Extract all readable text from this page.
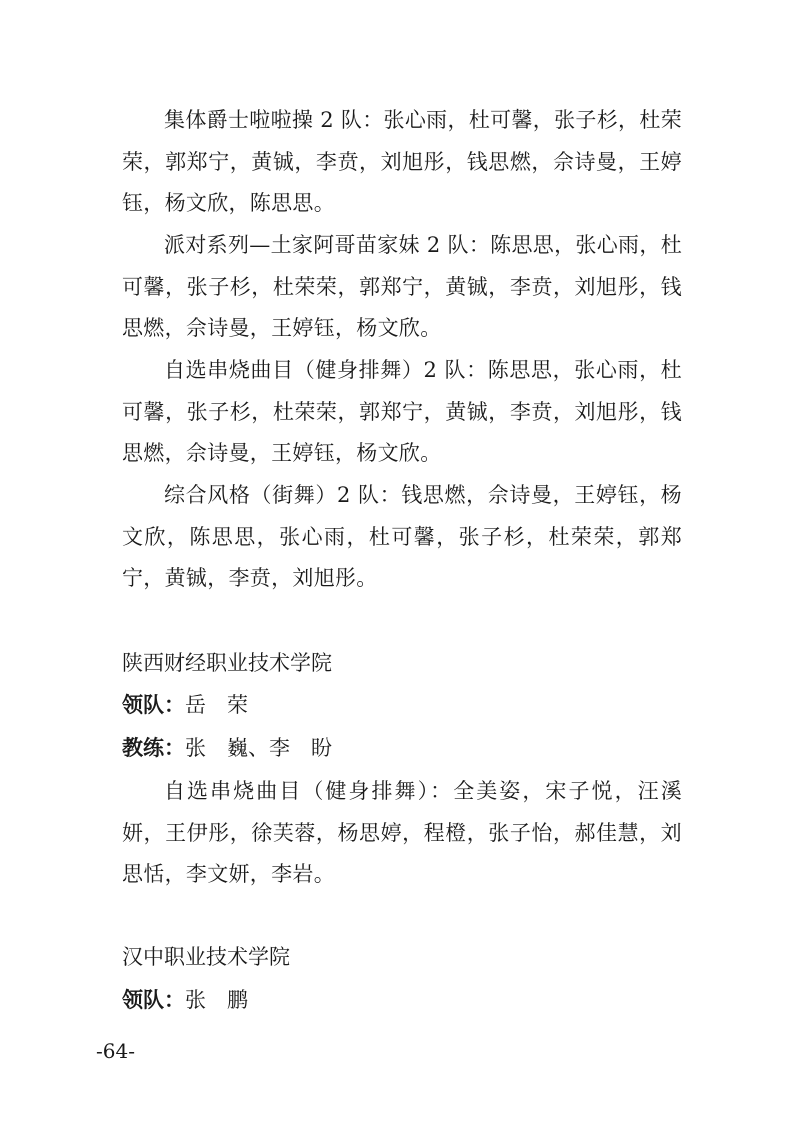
集体爵士啦啦操 2 队：张心雨，杜可馨，张子杉，杜荣荣，郭郑宁，黄铖，李贲，刘旭彤，钱思燃，佘诗曼，王婷钰，杨文欣，陈思思。

派对系列—土家阿哥苗家妹 2 队：陈思思，张心雨，杜可馨，张子杉，杜荣荣，郭郑宁，黄铖，李贲，刘旭彤，钱思燃，佘诗曼，王婷钰，杨文欣。

自选串烧曲目（健身排舞）2 队：陈思思，张心雨，杜可馨，张子杉，杜荣荣，郭郑宁，黄铖，李贲，刘旭彤，钱思燃，佘诗曼，王婷钰，杨文欣。

综合风格（街舞）2 队：钱思燃，佘诗曼，王婷钰，杨文欣，陈思思，张心雨，杜可馨，张子杉，杜荣荣，郭郑宁，黄铖，李贲，刘旭彤。

陕西财经职业技术学院

领队：岳　荣

教练：张　巍、李　盼

自选串烧曲目（健身排舞）：全美姿，宋子悦，汪溪妍，王伊彤，徐芙蓉，杨思婷，程橙，张子怡，郝佳慧，刘思恬，李文妍，李岩。

汉中职业技术学院

领队：张　鹏

-64-
